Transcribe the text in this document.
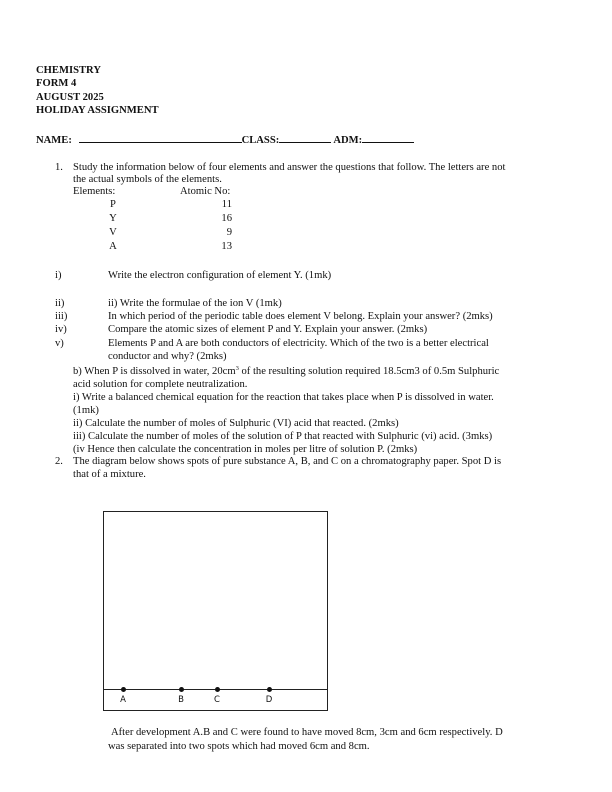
CHEMISTRY
FORM 4
AUGUST 2025
HOLIDAY ASSIGNMENT
NAME:	CLASS:	ADM:
1. Study the information below of four elements and answer the questions that follow. The letters are not
the actual symbols of the elements.
Elements:	Atomic No:
P	11
Y	16
V	9
A	13
i)	Write the electron configuration of element Y. (1mk)
ii)	ii) Write the formulae of the ion V (1mk)
iii)	In which period of the periodic table does element V belong. Explain your answer? (2mks)
iv)	Compare the atomic sizes of element P and Y. Explain your answer. (2mks)
v)	Elements P and A are both conductors of electricity. Which of the two is a better electrical
conductor and why? (2mks)
b) When P is dissolved in water, $20cm^3$ of the resulting solution required 18.5cm3 of 0.5m Sulphuric
acid solution for complete neutralization.
i) Write a balanced chemical equation for the reaction that takes place when P is dissolved in water.
(1mk)
ii) Calculate the number of moles of Sulphuric (VI) acid that reacted. (2mks)
iii) Calculate the number of moles of the solution of P that reacted with Sulphuric (vi) acid. (3mks)
(iv Hence then calculate the concentration in moles per litre of solution P. (2mks)
2. The diagram below shows spots of pure substance A, B, and C on a chromatography paper. Spot D is
that of a mixture.
A	B	C	D
After development A.B and C were found to have moved 8cm, 3cm and 6cm respectively. D
was separated into two spots which had moved 6cm and 8cm.
